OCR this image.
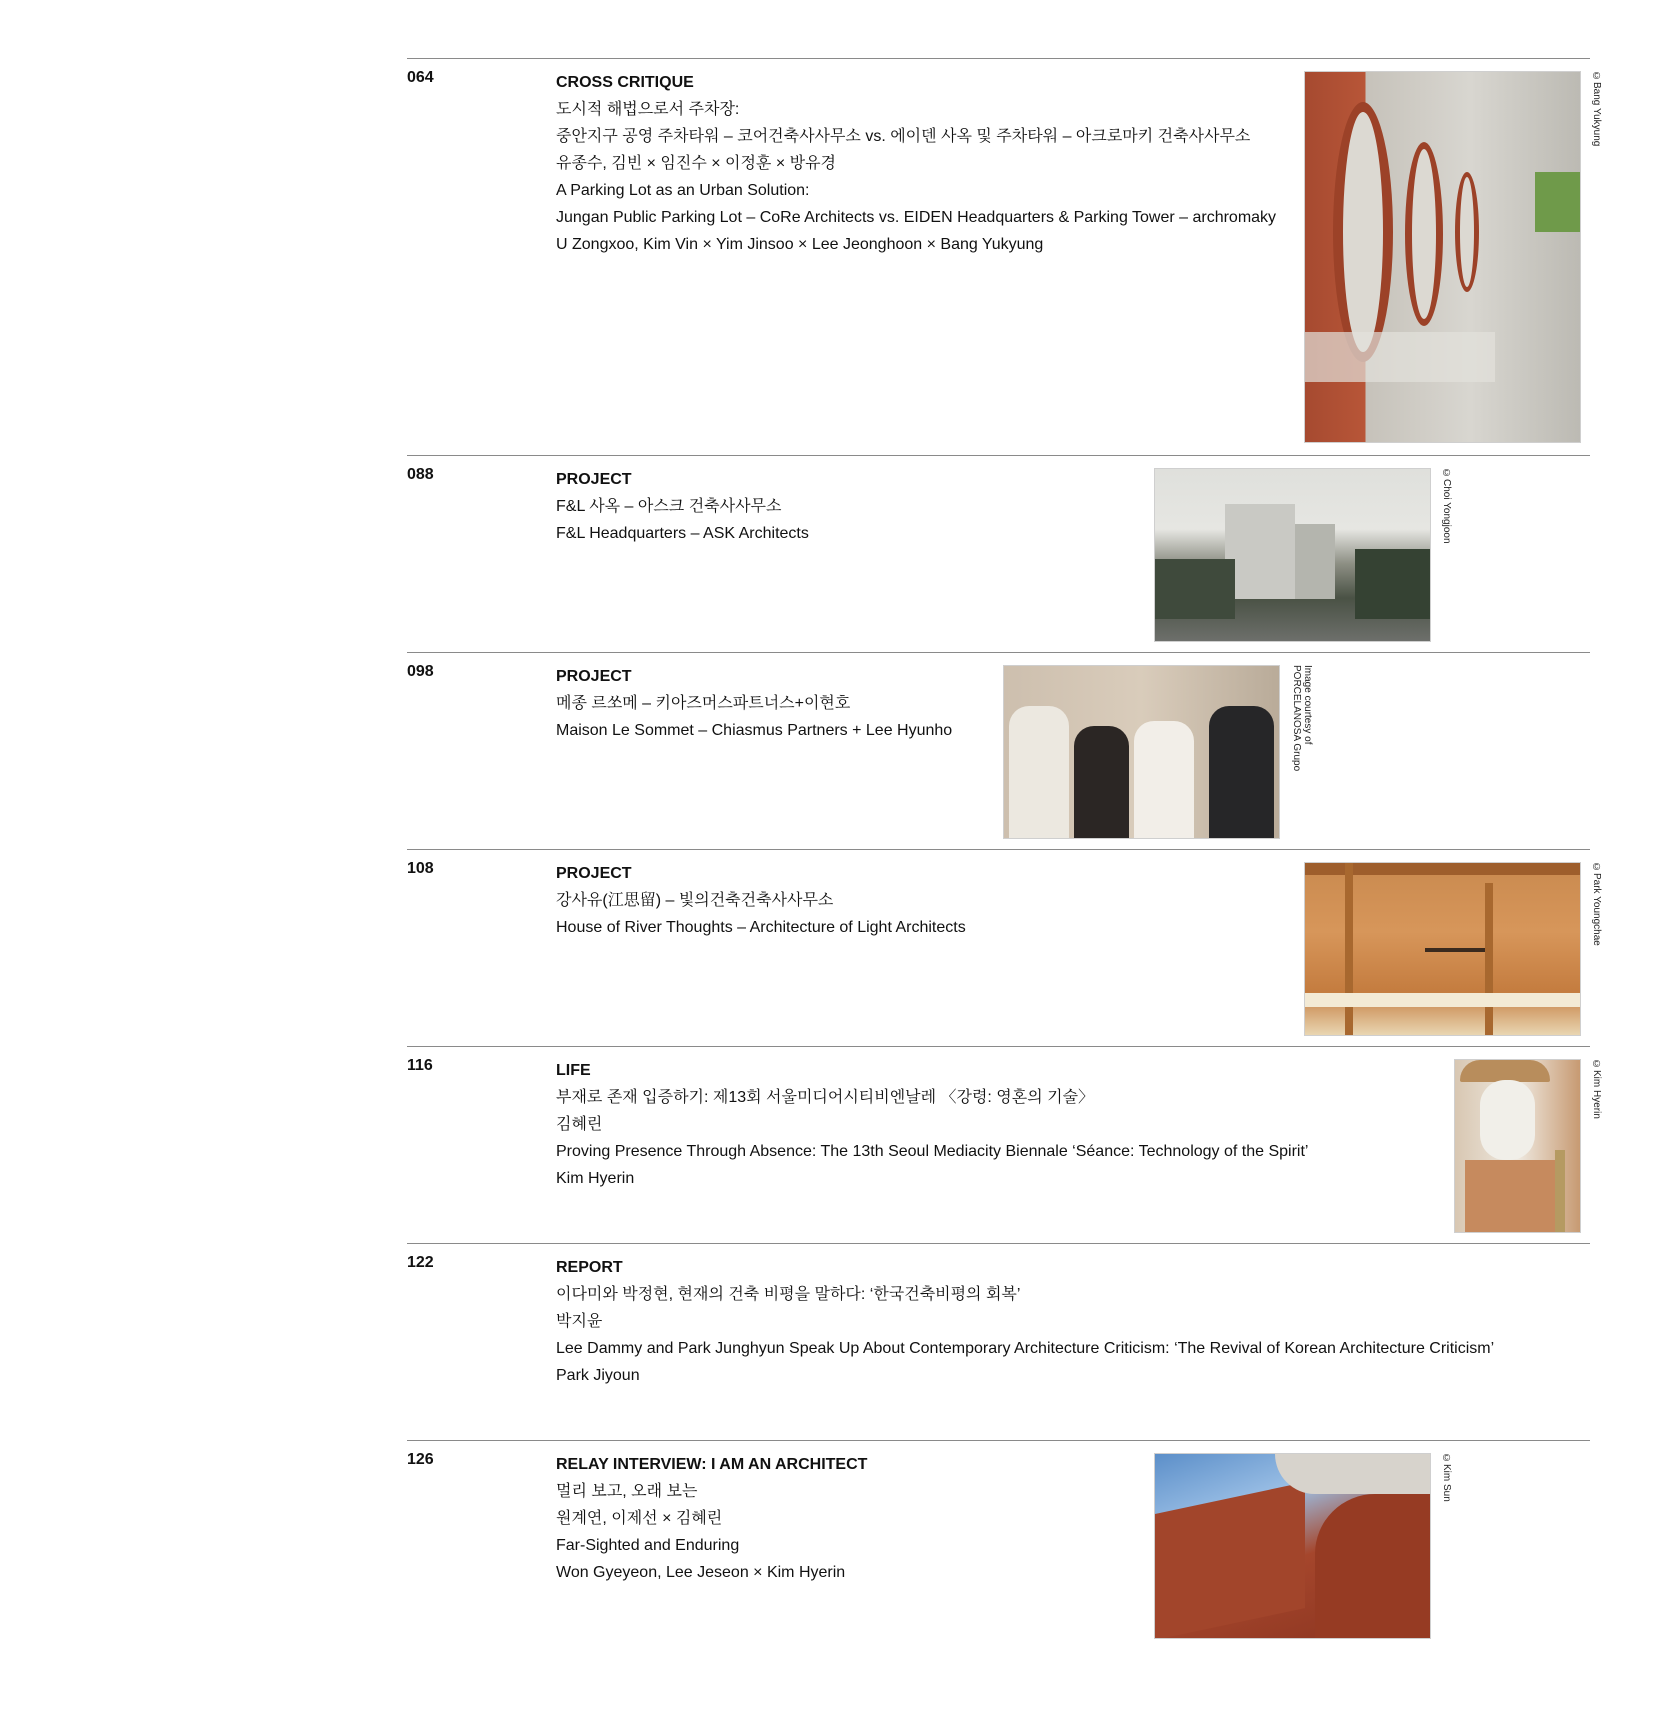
064	CROSS CRITIQUE
도시적 해법으로서 주차장:
중안지구 공영 주차타워 – 코어건축사사무소 vs. 에이덴 사옥 및 주차타워 – 아크로마키 건축사사무소
유종수, 김빈 × 임진수 × 이정훈 × 방유경
A Parking Lot as an Urban Solution:
Jungan Public Parking Lot – CoRe Architects vs. EIDEN Headquarters & Parking Tower – archromaky
U Zongxoo, Kim Vin × Yim Jinsoo × Lee Jeonghoon × Bang Yukyung
©Bang Yukyung
088	PROJECT
F&L 사옥 – 아스크 건축사사무소
F&L Headquarters – ASK Architects	©Choi Yongjoon
098	PROJECT
메종 르쏘메 – 키아즈머스파트너스+이현호
Maison Le Sommet – Chiasmus Partners + Lee Hyunho
Image courtesy of
PORCELANOSA Grupo
108	PROJECT
강사유(江思留) – 빛의건축건축사사무소
House of River Thoughts – Architecture of Light Architects	©Park Youngchae
116	LIFE
부재로 존재 입증하기: 제13회 서울미디어시티비엔날레 〈강령: 영혼의 기술〉
김혜린
Proving Presence Through Absence: The 13th Seoul Mediacity Biennale ‘Séance: Technology of the Spirit’
Kim Hyerin
©Kim Hyerin
122	REPORT
이다미와 박정현, 현재의 건축 비평을 말하다: ‘한국건축비평의 회복’
박지윤
Lee Dammy and Park Junghyun Speak Up About Contemporary Architecture Criticism: ‘The Revival of Korean Architecture Criticism’
Park Jiyoun
126	RELAY INTERVIEW: I AM AN ARCHITECT
멀리 보고, 오래 보는
원계연, 이제선 × 김혜린
Far-Sighted and Enduring
Won Gyeyeon, Lee Jeseon × Kim Hyerin
©Kim Sun
